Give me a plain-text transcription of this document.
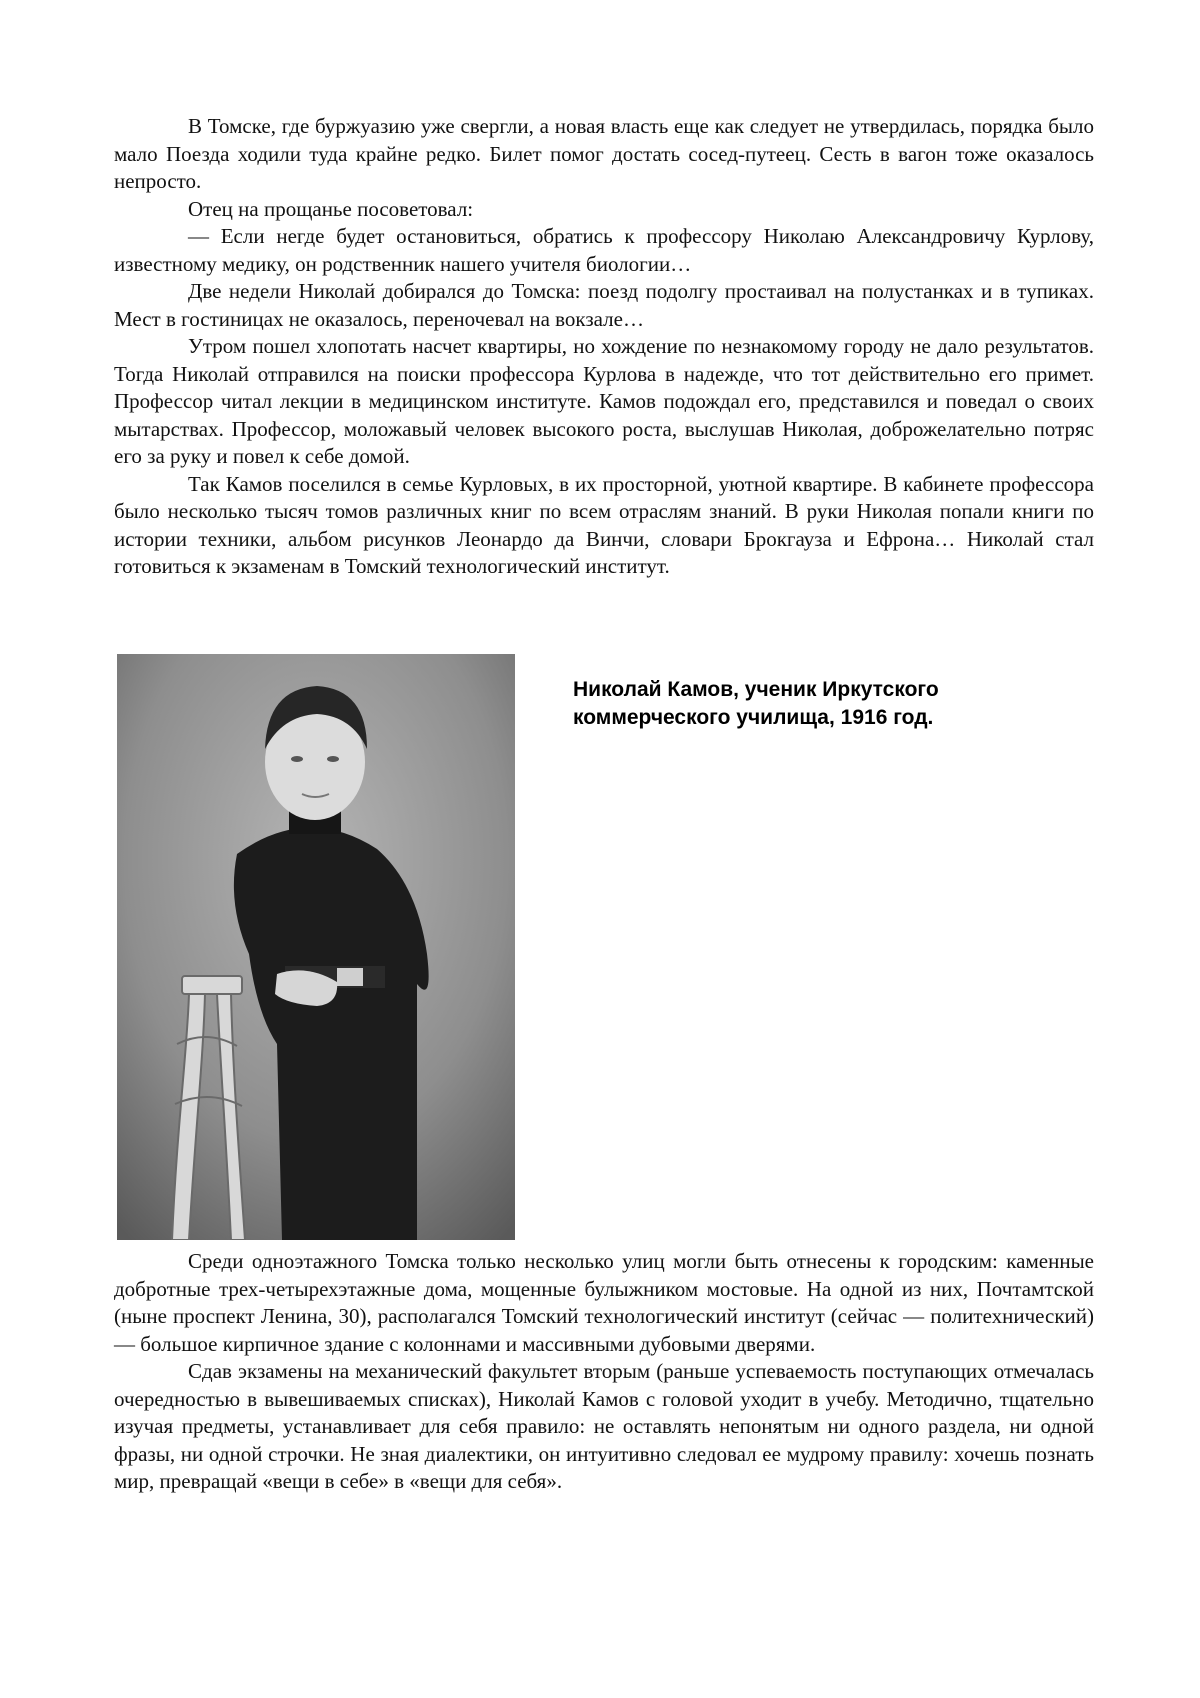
В Томске, где буржуазию уже свергли, а новая власть еще как следует не утвердилась, порядка было мало Поезда ходили туда крайне редко. Билет помог достать сосед-путеец. Сесть в вагон тоже оказалось непросто.

Отец на прощанье посоветовал:

— Если негде будет остановиться, обратись к профессору Николаю Александровичу Курлову, известному медику, он родственник нашего учителя биологии…

Две недели Николай добирался до Томска: поезд подолгу простаивал на полустанках и в тупиках. Мест в гостиницах не оказалось, переночевал на вокзале…

Утром пошел хлопотать насчет квартиры, но хождение по незнакомому городу не дало результатов. Тогда Николай отправился на поиски профессора Курлова в надежде, что тот действительно его примет. Профессор читал лекции в медицинском институте. Камов подождал его, представился и поведал о своих мытарствах. Профессор, моложавый человек высокого роста, выслушав Николая, доброжелательно потряс его за руку и повел к себе домой.

Так Камов поселился в семье Курловых, в их просторной, уютной квартире. В кабинете профессора было несколько тысяч томов различных книг по всем отраслям знаний. В руки Николая попали книги по истории техники, альбом рисунков Леонардо да Винчи, словари Брокгауза и Ефрона… Николай стал готовиться к экзаменам в Томский технологический институт.

Николай Камов, ученик Иркутского
коммерческого училища, 1916 год.

Среди одноэтажного Томска только несколько улиц могли быть отнесены к городским: каменные добротные трех-четырехэтажные дома, мощенные булыжником мостовые. На одной из них, Почтамтской (ныне проспект Ленина, 30), располагался Томский технологический институт (сейчас — политехнический) — большое кирпичное здание с колоннами и массивными дубовыми дверями.

Сдав экзамены на механический факультет вторым (раньше успеваемость поступающих отмечалась очередностью в вывешиваемых списках), Николай Камов с головой уходит в учебу. Методично, тщательно изучая предметы, устанавливает для себя правило: не оставлять непонятым ни одного раздела, ни одной фразы, ни одной строчки. Не зная диалектики, он интуитивно следовал ее мудрому правилу: хочешь познать мир, превращай «вещи в себе» в «вещи для себя».
